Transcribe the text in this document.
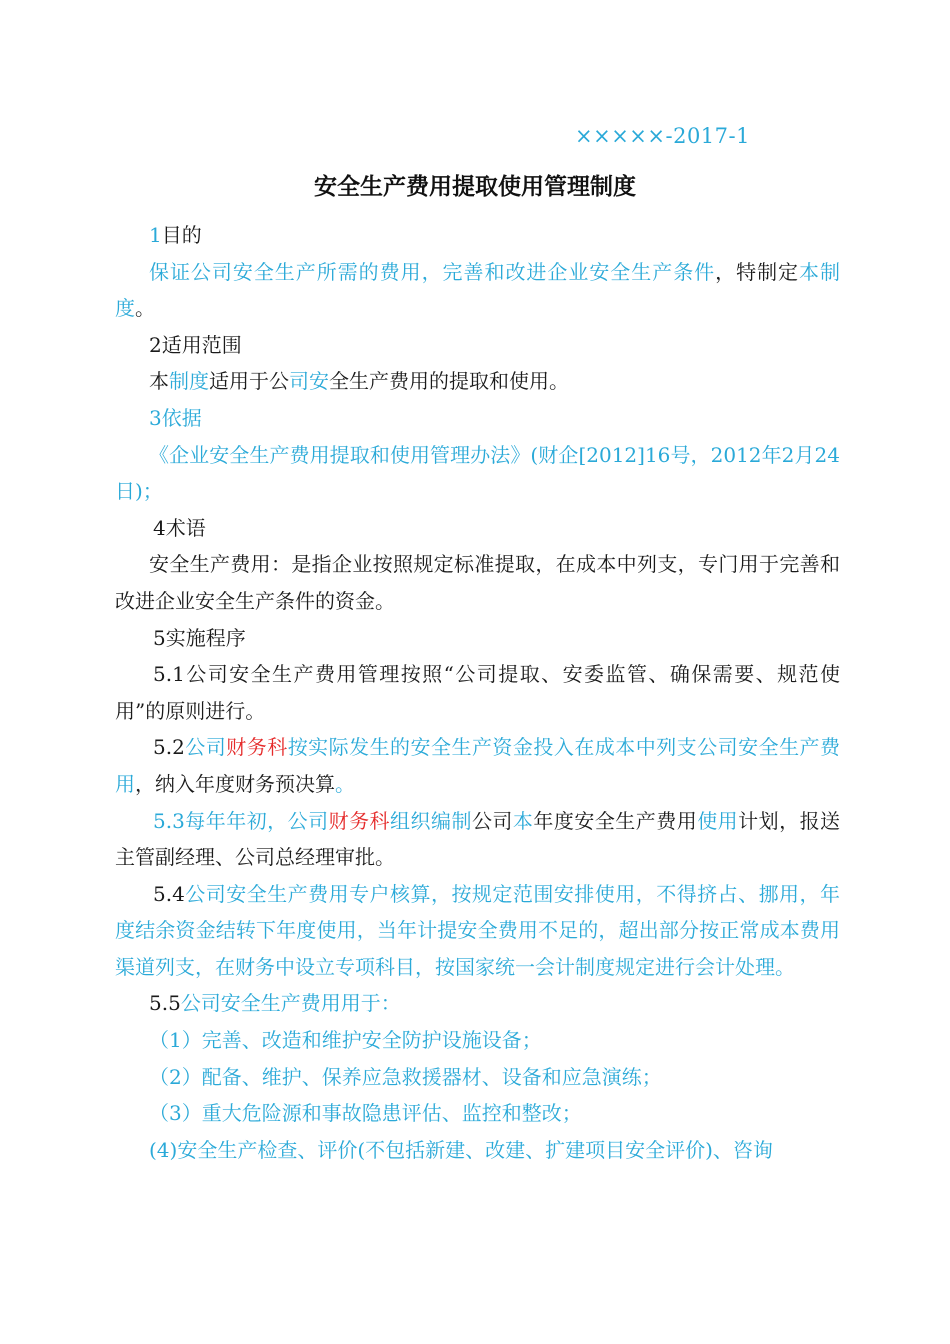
×××××-2017-1
安全生产费用提取使用管理制度

1目的

保证公司安全生产所需的费用，完善和改进企业安全生产条件，特制定本制度。

2适用范围

本制度适用于公司安全生产费用的提取和使用。

3依据

《企业安全生产费用提取和使用管理办法》(财企[2012]16号，2012年2月24日)；

4术语

安全生产费用：是指企业按照规定标准提取，在成本中列支，专门用于完善和改进企业安全生产条件的资金。

5实施程序

5.1公司安全生产费用管理按照“公司提取、安委监管、确保需要、规范使用”的原则进行。

5.2公司财务科按实际发生的安全生产资金投入在成本中列支公司安全生产费用，纳入年度财务预决算。

5.3每年年初，公司财务科组织编制公司本年度安全生产费用使用计划，报送主管副经理、公司总经理审批。

5.4公司安全生产费用专户核算，按规定范围安排使用，不得挤占、挪用，年度结余资金结转下年度使用，当年计提安全费用不足的，超出部分按正常成本费用渠道列支，在财务中设立专项科目，按国家统一会计制度规定进行会计处理。

5.5公司安全生产费用用于：

（1）完善、改造和维护安全防护设施设备；

（2）配备、维护、保养应急救援器材、设备和应急演练；

（3）重大危险源和事故隐患评估、监控和整改；

(4)安全生产检查、评价(不包括新建、改建、扩建项目安全评价)、咨询
